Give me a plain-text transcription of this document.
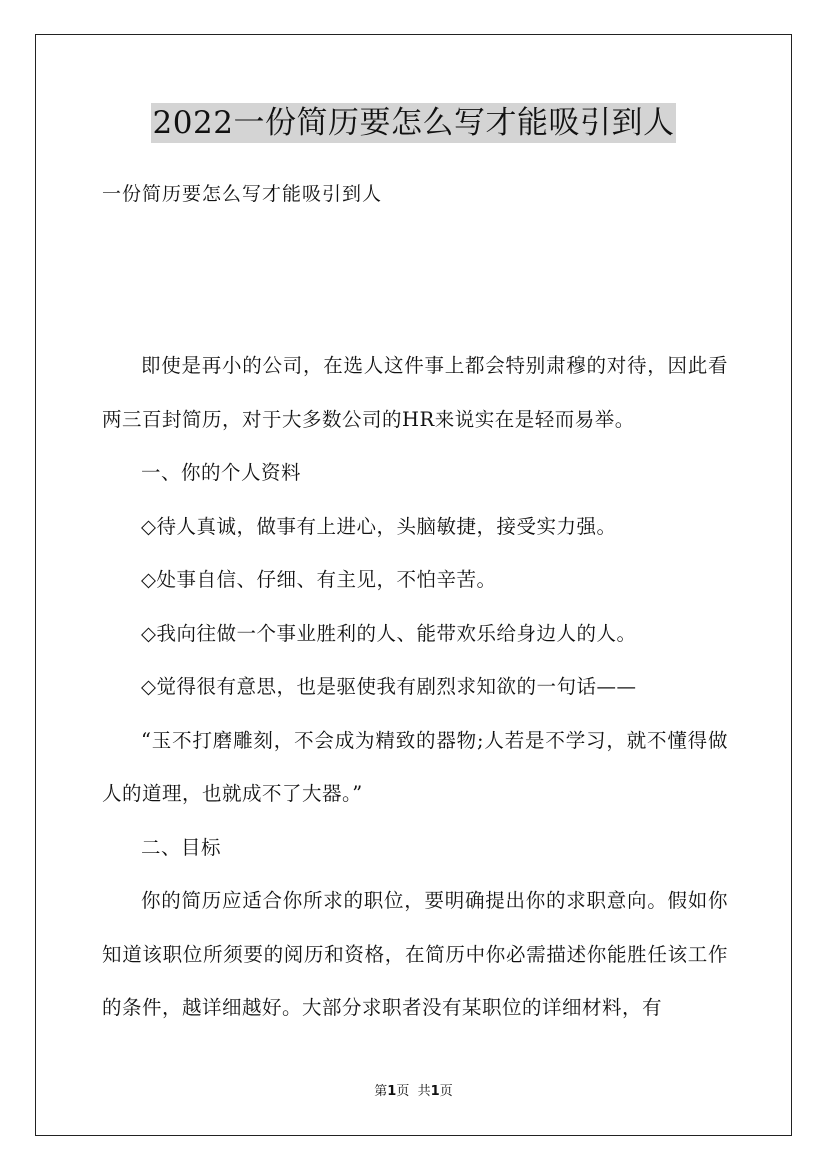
2022一份简历要怎么写才能吸引到人

一份简历要怎么写才能吸引到人

即使是再小的公司，在选人这件事上都会特别肃穆的对待，因此看两三百封简历，对于大多数公司的HR来说实在是轻而易举。

一、你的个人资料

◇待人真诚，做事有上进心，头脑敏捷，接受实力强。

◇处事自信、仔细、有主见，不怕辛苦。

◇我向往做一个事业胜利的人、能带欢乐给身边人的人。

◇觉得很有意思，也是驱使我有剧烈求知欲的一句话——

“玉不打磨雕刻，不会成为精致的器物;人若是不学习，就不懂得做人的道理，也就成不了大器。”

二、目标

你的简历应适合你所求的职位，要明确提出你的求职意向。假如你知道该职位所须要的阅历和资格，在简历中你必需描述你能胜任该工作的条件，越详细越好。大部分求职者没有某职位的详细材料，有

第1页 共1页
